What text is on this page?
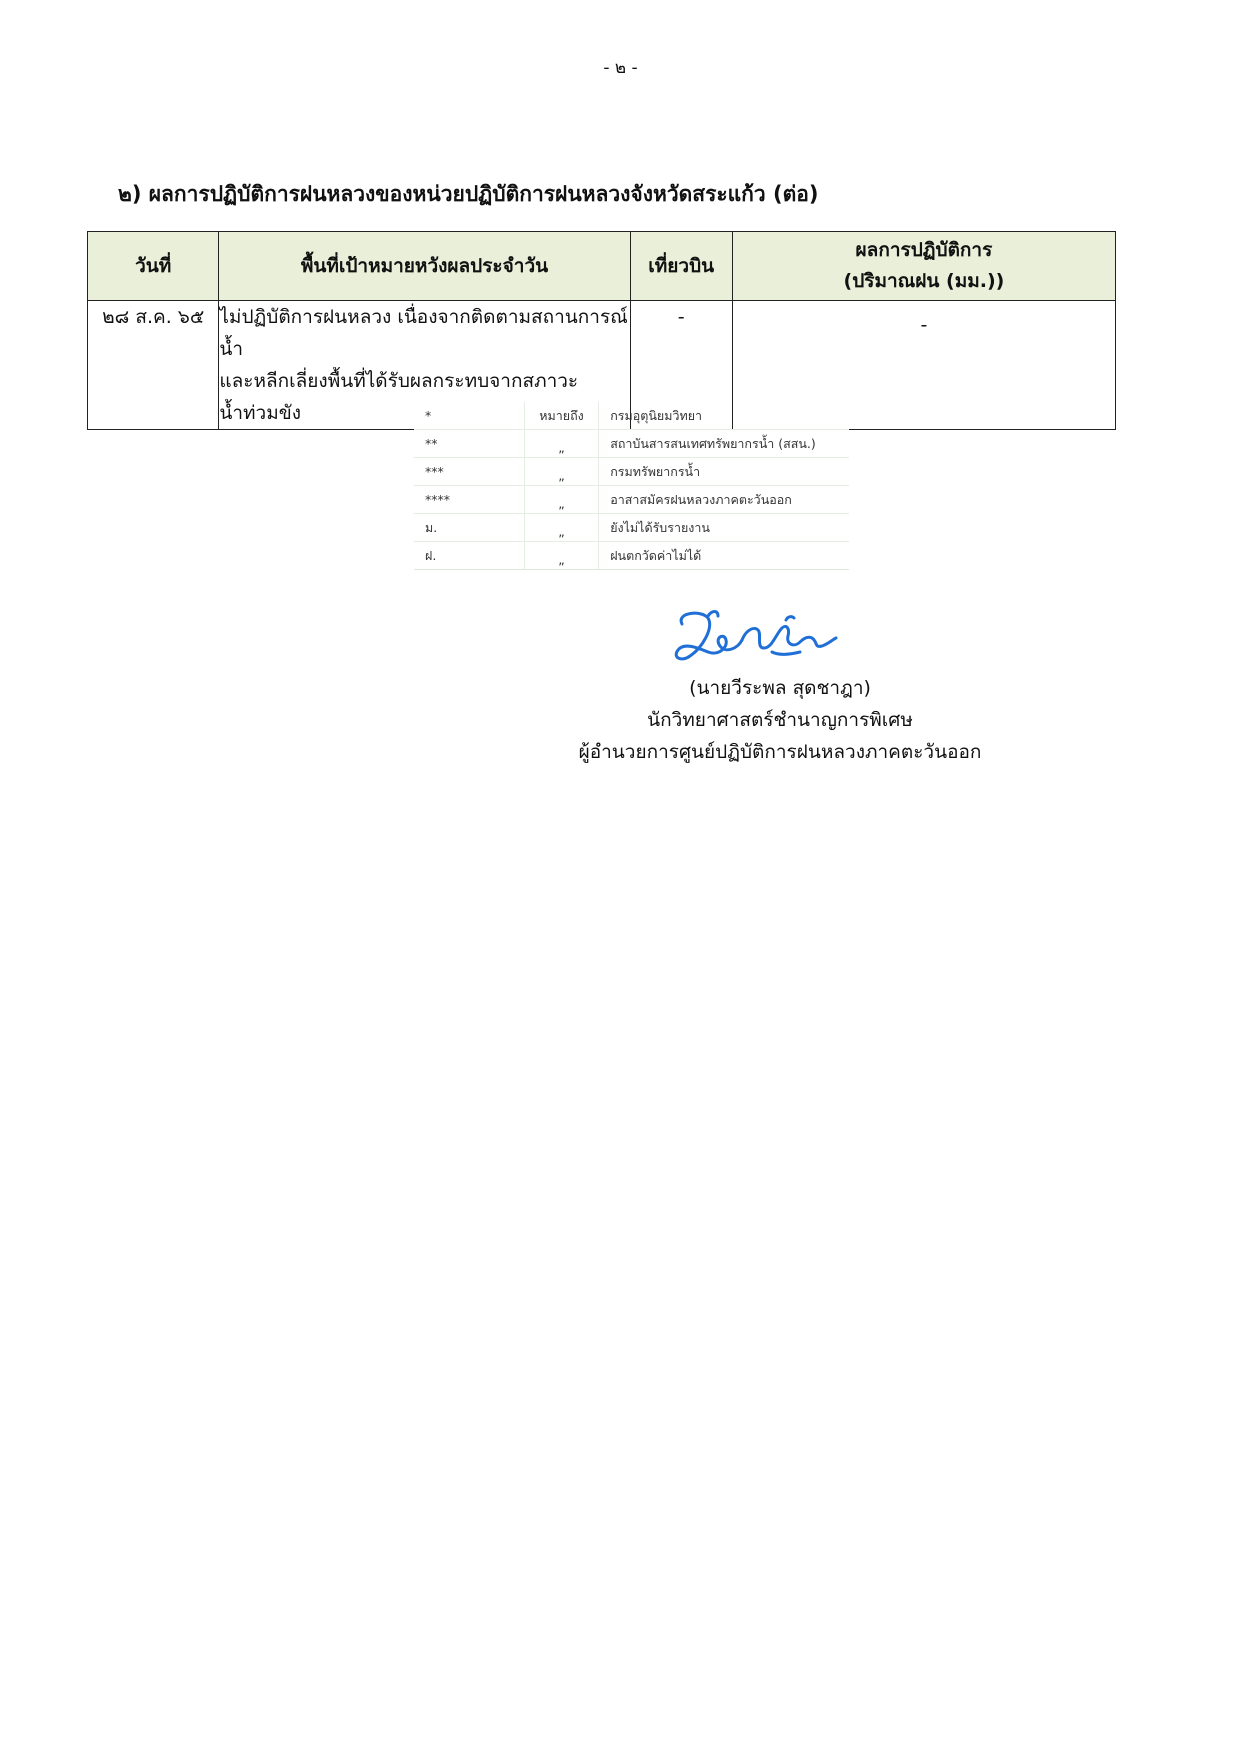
- ๒ -
๒) ผลการปฏิบัติการฝนหลวงของหน่วยปฏิบัติการฝนหลวงจังหวัดสระแก้ว (ต่อ)
วันที่	พื้นที่เป้าหมายหวังผลประจำวัน	เที่ยวบิน	ผลการปฏิบัติการ
(ปริมาณฝน (มม.))

๒๘ ส.ค. ๖๕	ไม่ปฏิบัติการฝนหลวง เนื่องจากติดตามสถานการณ์น้ำ
และหลีกเลี่ยงพื้นที่ได้รับผลกระทบจากสภาวะ
น้ำท่วมขัง	-	-
*	หมายถึง	กรมอุตุนิยมวิทยา
**	„	สถาบันสารสนเทศทรัพยากรน้ำ (สสน.)
***	„	กรมทรัพยากรน้ำ
****	„	อาสาสมัครฝนหลวงภาคตะวันออก
ม.	„	ยังไม่ได้รับรายงาน
ฝ.	„	ฝนตกวัดค่าไม่ได้
(นายวีระพล สุดชาฎา)
นักวิทยาศาสตร์ชำนาญการพิเศษ
ผู้อำนวยการศูนย์ปฏิบัติการฝนหลวงภาคตะวันออก
